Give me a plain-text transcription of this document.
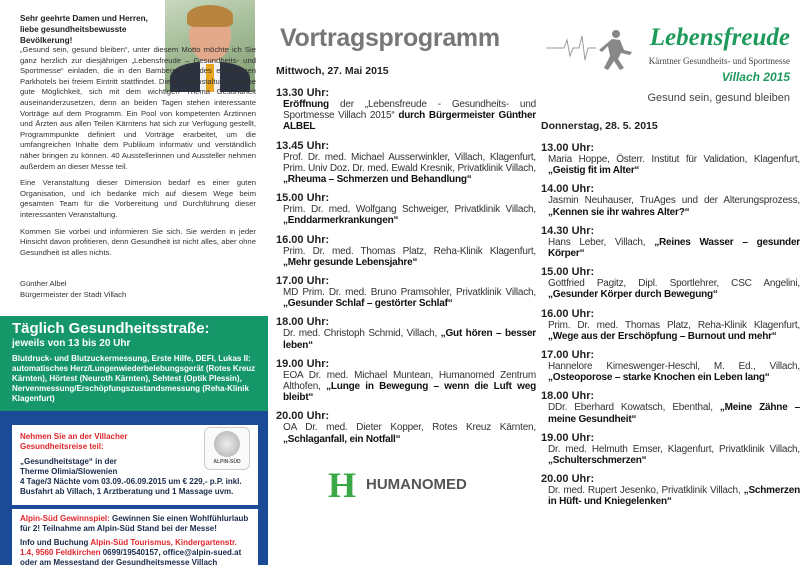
Sehr geehrte Damen und Herren,
liebe gesundheitsbewusste Bevölkerung!

„Gesund sein, gesund bleiben“, unter diesem Motto möchte ich Sie ganz herzlich zur diesjährigen „Lebensfreude – Gesundheits- und Sportmesse“ einladen, die in den Bambergsälen des ehemaligen Parkhotels bei freiem Eintritt stattfindet. Diese Veranstaltung ist eine gute Möglichkeit, sich mit dem wichtigen Thema Gesundheit auseinanderzusetzen, denn an beiden Tagen stehen interessante Vorträge auf dem Programm. Ein Pool von kompetenten Ärztinnen und Ärzten aus allen Teilen Kärntens hat sich zur Verfügung gestellt, Programmpunkte definiert und Vorträge erarbeitet, um die umfangreichen Inhalte dem Publikum informativ und verständlich näher bringen zu können. 40 Ausstellerinnen und Aussteller nehmen außerdem an dieser Messe teil.

Eine Veranstaltung dieser Dimension bedarf es einer guten Organisation, und ich bedanke mich auf diesem Wege beim gesamten Team für die Vorbereitung und Durchführung dieser interessanten Veranstaltung.

Kommen Sie vorbei und informieren Sie sich. Sie werden in jeder Hinsicht davon profitieren, denn Gesundheit ist nicht alles, aber ohne Gesundheit ist alles nichts.

Günther Albel
Bürgermeister der Stadt Villach
Täglich Gesundheitsstraße:
jeweils von 13 bis 20 Uhr

Blutdruck- und Blutzuckermessung, Erste Hilfe, DEFI, Lukas II: automatisches Herz/Lungenwiederbelebungsgerät (Rotes Kreuz Kärnten), Hörtest (Neuroth Kärnten), Sehtest (Optik Plessin), Nervenmessung/Erschöpfungszustandsmessung (Reha-Klinik Klagenfurt)

ALPIN-SÜD
Nehmen Sie an der Villacher Gesundheitsreise teil:
„Gesundheitstage“ in der
Therme Olimia/Slowenien
4 Tage/3 Nächte vom 03.09.-06.09.2015 um € 229,- p.P. inkl. Busfahrt ab Villach, 1 Arztberatung und 1 Massage uvm.
Alpin-Süd Gewinnspiel: Gewinnen Sie einen Wohlfühlurlaub für 2! Teilnahme am Alpin-Süd Stand bei der Messe!
Info und Buchung Alpin-Süd Tourismus, Kindergartenstr. 1.4, 9560 Feldkirchen 0699/19540157, office@alpin-sued.at oder am Messestand der Gesundheitsmesse Villach
Vortragsprogramm
Mittwoch, 27. Mai 2015
13.30 Uhr:
Eröffnung der „Lebensfreude - Gesundheits- und Sportmesse Villach 2015“ durch Bürgermeister Günther ALBEL
13.45 Uhr:
Prof. Dr. med. Michael Ausserwinkler, Villach, Klagenfurt, Prim. Univ Doz. Dr. med. Ewald Kresnik, Privatklinik Villach, „Rheuma – Schmerzen und Behandlung“
15.00 Uhr:
Prim. Dr. med. Wolfgang Schweiger, Privatklinik Villach, „Enddarmerkrankungen“
16.00 Uhr:
Prim. Dr. med. Thomas Platz, Reha-Klinik Klagenfurt, „Mehr gesunde Lebensjahre“
17.00 Uhr:
MD Prim. Dr. med. Bruno Pramsohler, Privatklinik Villach, „Gesunder Schlaf – gestörter Schlaf“
18.00 Uhr:
Dr. med. Christoph Schmid, Villach, „Gut hören – besser leben“
19.00 Uhr:
EOA Dr. med. Michael Muntean, Humanomed Zentrum Althofen, „Lunge in Bewegung – wenn die Luft weg bleibt“
20.00 Uhr:
OA Dr. med. Dieter Kopper, Rotes Kreuz Kärnten, „Schlaganfall, ein Notfall“
H HUMANOMED
Lebensfreude
Kärntner Gesundheits- und Sportmesse
Villach 2015
Gesund sein, gesund bleiben
Donnerstag, 28. 5. 2015
13.00 Uhr:
Maria Hoppe, Österr. Institut für Validation, Klagenfurt, „Geistig fit im Alter“
14.00 Uhr:
Jasmin Neuhauser, TruAges und der Alterungsprozess, „Kennen sie ihr wahres Alter?“
14.30 Uhr:
Hans Leber, Villach, „Reines Wasser – gesunder Körper“
15.00 Uhr:
Gottfried Pagitz, Dipl. Sportlehrer, CSC Angelini, „Gesunder Körper durch Bewegung“
16.00 Uhr:
Prim. Dr. med. Thomas Platz, Reha-Klinik Klagenfurt, „Wege aus der Erschöpfung – Burnout und mehr“
17.00 Uhr:
Hannelore Kimeswenger-Heschl, M. Ed., Villach, „Osteoporose – starke Knochen ein Leben lang“
18.00 Uhr:
DDr. Eberhard Kowatsch, Ebenthal, „Meine Zähne – meine Gesundheit“
19.00 Uhr:
Dr. med. Helmuth Emser, Klagenfurt, Privatklinik Villach, „Schulterschmerzen“
20.00 Uhr:
Dr. med. Rupert Jesenko, Privatklinik Villach, „Schmerzen in Hüft- und Kniegelenken“
